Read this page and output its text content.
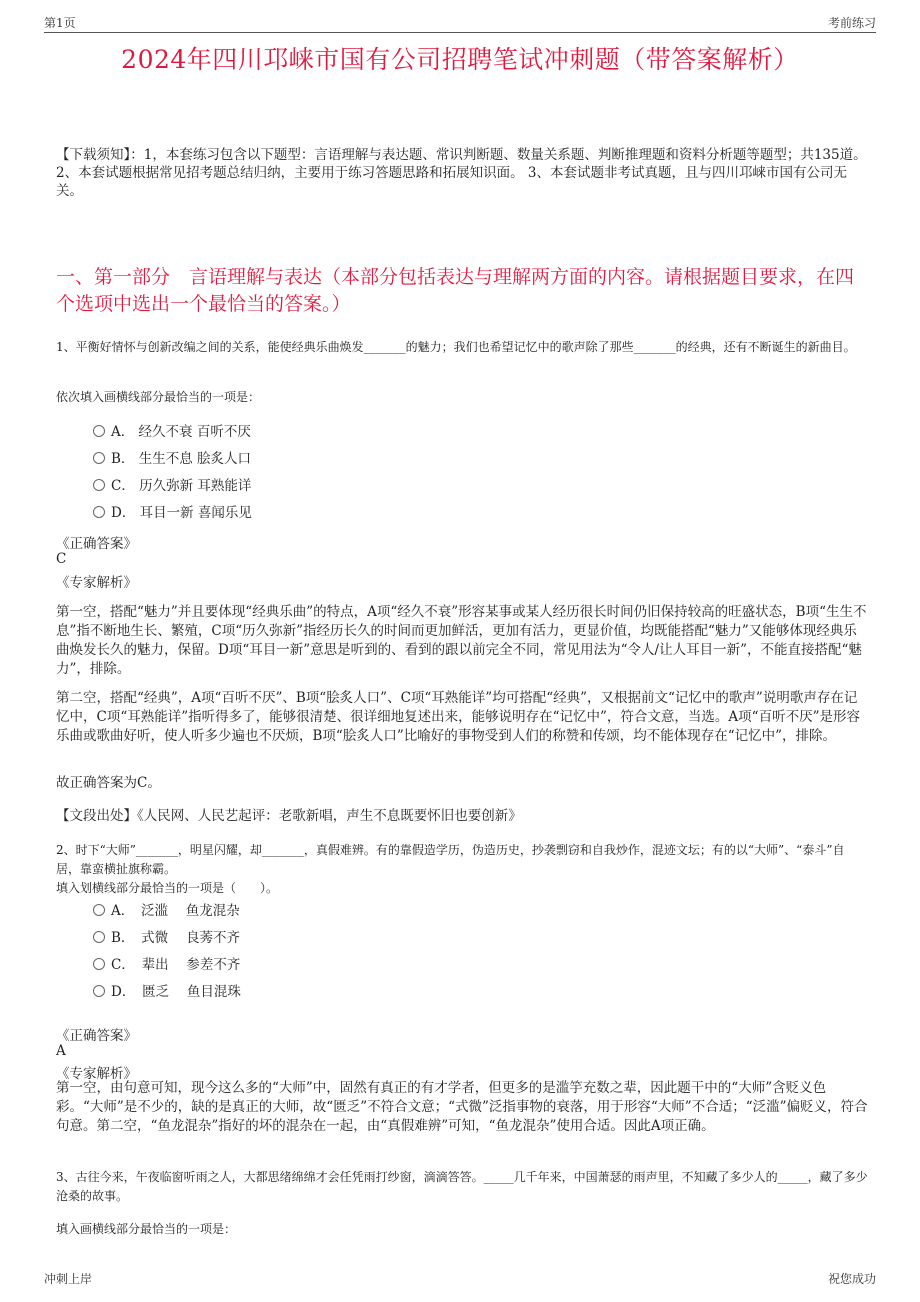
第1页	考前练习
2024年四川邛崃市国有公司招聘笔试冲刺题（带答案解析）
【下载须知】：1，本套练习包含以下题型：言语理解与表达题、常识判断题、数量关系题、判断推理题和资料分析题等题型；共135道。 2、本套试题根据常见招考题总结归纳，主要用于练习答题思路和拓展知识面。 3、本套试题非考试真题，且与四川邛崃市国有公司无关。
一、第一部分　言语理解与表达（本部分包括表达与理解两方面的内容。请根据题目要求，在四个选项中选出一个最恰当的答案。）
1、平衡好情怀与创新改编之间的关系，能使经典乐曲焕发_______的魅力；我们也希望记忆中的歌声除了那些_______的经典，还有不断诞生的新曲目。
依次填入画横线部分最恰当的一项是：
A． 经久不衰 百听不厌
B． 生生不息 脍炙人口
C． 历久弥新 耳熟能详
D． 耳目一新 喜闻乐见
《正确答案》
C
《专家解析》
第一空，搭配“魅力”并且要体现“经典乐曲”的特点，A项“经久不衰”形容某事或某人经历很长时间仍旧保持较高的旺盛状态，B项“生生不息”指不断地生长、繁殖，C项“历久弥新”指经历长久的时间而更加鲜活，更加有活力，更显价值，均既能搭配“魅力”又能够体现经典乐曲焕发长久的魅力，保留。D项“耳目一新”意思是听到的、看到的跟以前完全不同，常见用法为“令人/让人耳目一新”，不能直接搭配“魅力”，排除。
第二空，搭配“经典”，A项“百听不厌”、B项“脍炙人口”、C项“耳熟能详”均可搭配“经典”，又根据前文“记忆中的歌声”说明歌声存在记忆中，C项“耳熟能详”指听得多了，能够很清楚、很详细地复述出来，能够说明存在“记忆中”，符合文意，当选。A项“百听不厌”是形容乐曲或歌曲好听，使人听多少遍也不厌烦，B项“脍炙人口”比喻好的事物受到人们的称赞和传颂，均不能体现存在“记忆中”，排除。
故正确答案为C。
【文段出处】《人民网、人民艺起评：老歌新唱，声生不息既要怀旧也要创新》
2、时下“大师”_______，明星闪耀，却_______，真假难辨。有的靠假造学历，伪造历史，抄袭剽窃和自我炒作，混迹文坛；有的以“大师”、“泰斗”自居，靠蛮横扯旗称霸。
填入划横线部分最恰当的一项是（　　）。
A．　泛滥　 鱼龙混杂
B．　式微　 良莠不齐
C．　辈出　 参差不齐
D．　匮乏　 鱼目混珠
《正确答案》
A
《专家解析》
第一空，由句意可知，现今这么多的“大师”中，固然有真正的有才学者，但更多的是滥竽充数之辈，因此题干中的“大师”含贬义色彩。“大师”是不少的，缺的是真正的大师，故“匮乏”不符合文意；“式微”泛指事物的衰落，用于形容“大师”不合适；“泛滥”偏贬义，符合句意。第二空，“鱼龙混杂”指好的坏的混杂在一起，由“真假难辨”可知，“鱼龙混杂”使用合适。因此A项正确。
3、古往今来，午夜临窗听雨之人，大都思绪绵绵才会任凭雨打纱窗，滴滴答答。_____几千年来，中国萧瑟的雨声里，不知藏了多少人的_____，藏了多少沧桑的故事。
填入画横线部分最恰当的一项是：
冲刺上岸	祝您成功
